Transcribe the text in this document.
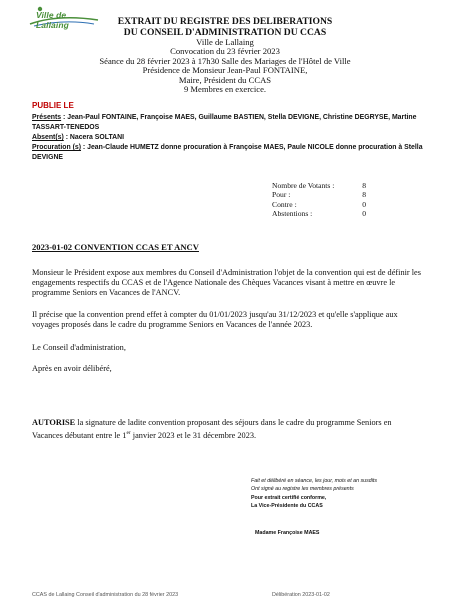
Ville de Lallaing	EXTRAIT DU REGISTRE DES DELIBERATIONS
DU CONSEIL D'ADMINISTRATION DU CCAS
Ville de Lallaing
Convocation du 23 février 2023
Séance du 28 février 2023 à 17h30 Salle des Mariages de l'Hôtel de Ville
Présidence de Monsieur Jean-Paul FONTAINE,
Maire, Président du CCAS
9 Membres en exercice.
PUBLIE LE
Présents : Jean-Paul FONTAINE, Françoise MAES, Guillaume BASTIEN, Stella DEVIGNE, Christine DEGRYSE, Martine TASSART-TENEDOS
Absent(s) : Nacera SOLTANI
Procuration (s) : Jean-Claude HUMETZ donne procuration à Françoise MAES, Paule NICOLE donne procuration à Stella DEVIGNE
Nombre de Votants :	8
Pour :	8
Contre :	0
Abstentions :	0
2023-01-02 CONVENTION CCAS ET ANCV
Monsieur le Président expose aux membres du Conseil d'Administration l'objet de la convention qui est de définir les engagements respectifs du CCAS et de l'Agence Nationale des Chèques Vacances visant à mettre en œuvre le programme Seniors en Vacances de l'ANCV.
Il précise que la convention prend effet à compter du 01/01/2023 jusqu'au 31/12/2023 et qu'elle s'applique aux voyages proposés dans le cadre du programme Seniors en Vacances de l'année 2023.
Le Conseil d'administration,
Après en avoir délibéré,
AUTORISE la signature de ladite convention proposant des séjours dans le cadre du programme Seniors en Vacances débutant entre le 1er janvier 2023 et le 31 décembre 2023.
Fait et délibéré en séance, les jour, mois et an susdits
Ont signé au registre les membres présents
Pour extrait certifié conforme,
La Vice-Présidente du CCAS
Madame Françoise MAES
CCAS de Lallaing Conseil d'administration du 28 février 2023	Délibération 2023-01-02
